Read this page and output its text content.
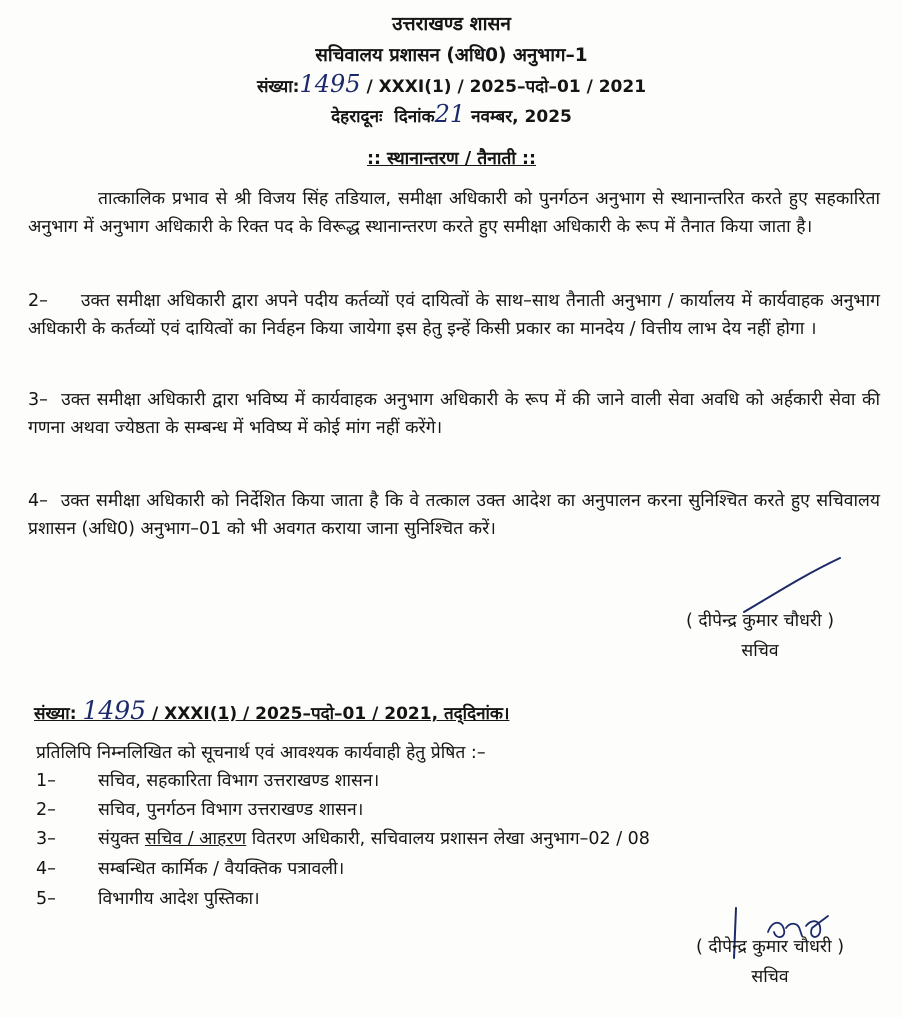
उत्तराखण्ड शासन
सचिवालय प्रशासन (अधि0) अनुभाग–1
संख्या:1495 / XXXI(1) / 2025–पदो–01 / 2021
देहरादूनः दिनांक21 नवम्बर, 2025
:: स्थानान्तरण / तैनाती ::
तात्कालिक प्रभाव से श्री विजय सिंह तडियाल, समीक्षा अधिकारी को पुनर्गठन अनुभाग से स्थानान्तरित करते हुए सहकारिता अनुभाग में अनुभाग अधिकारी के रिक्त पद के विरूद्ध स्थानान्तरण करते हुए समीक्षा अधिकारी के रूप में तैनात किया जाता है।
2– उक्त समीक्षा अधिकारी द्वारा अपने पदीय कर्तव्यों एवं दायित्वों के साथ–साथ तैनाती अनुभाग / कार्यालय में कार्यवाहक अनुभाग अधिकारी के कर्तव्यों एवं दायित्वों का निर्वहन किया जायेगा इस हेतु इन्हें किसी प्रकार का मानदेय / वित्तीय लाभ देय नहीं होगा ।
3– उक्त समीक्षा अधिकारी द्वारा भविष्य में कार्यवाहक अनुभाग अधिकारी के रूप में की जाने वाली सेवा अवधि को अर्हकारी सेवा की गणना अथवा ज्येष्ठता के सम्बन्ध में भविष्य में कोई मांग नहीं करेंगे।
4– उक्त समीक्षा अधिकारी को निर्देशित किया जाता है कि वे तत्काल उक्त आदेश का अनुपालन करना सुनिश्चित करते हुए सचिवालय प्रशासन (अधि0) अनुभाग–01 को भी अवगत कराया जाना सुनिश्चित करें।
( दीपेन्द्र कुमार चौधरी )
सचिव
संख्या: 1495 / XXXI(1) / 2025–पदो–01 / 2021, तद्‌दिनांक।
प्रतिलिपि निम्नलिखित को सूचनार्थ एवं आवश्यक कार्यवाही हेतु प्रेषित :–
1– सचिव, सहकारिता विभाग उत्तराखण्ड शासन।
2– सचिव, पुनर्गठन विभाग उत्तराखण्ड शासन।
3– संयुक्त सचिव / आहरण वितरण अधिकारी, सचिवालय प्रशासन लेखा अनुभाग–02 / 08
4– सम्बन्धित कार्मिक / वैयक्तिक पत्रावली।
5– विभागीय आदेश पुस्तिका।
( दीपेन्द्र कुमार चौधरी )
सचिव
